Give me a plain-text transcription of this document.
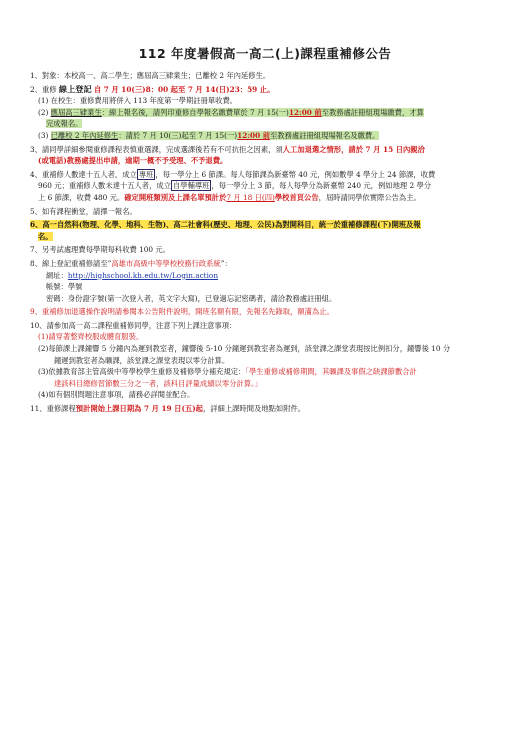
112 年度暑假高一高二(上)課程重補修公告
1、對象：本校高一、高二學生；應屆高三肄業生；已離校 2 年內延修生。
2、重修 線上登記 自 7 月 10(三)8：00 起至 7 月 14(日)23：59 止。
(1) 在校生：重修費用將併入 113 年度第一學期註冊單收費。
(2) 應屆高三肄業生：線上報名後，請列印重修自學報名繳費單於 7 月 15(一)12:00 前至教務處註冊組現場繳費，才算
完成報名。
(3) 已離校 2 年內延修生：請於 7 月 10(三)起至 7 月 15(一)12:00 前至教務處註冊組現場報名及繳費。
3、請同學詳細參閱重修課程表慎重選課，完成選課後若有不可抗拒之因素，須人工加退選之情形，請於 7 月 15 日內親洽
(或電話)教務處提出申請，逾期一概不予受理、不予退費。
4、重補修人數達十五人者，成立 專班 ，每一學分上 6 節課。每人每節課為新臺幣 40 元，例如數學 4 學分上 24 節課，收費
960 元；重補修人數未達十五人者，成立 自學輔導班 ，每一學分上 3 節，每人每學分為新臺幣 240 元，例如地理 2 學分
上 6 節課，收費 480 元。確定開班類別及上課名單預計於7 月 18 日(四)學校首頁公告，屆時請同學依實際公告為主。
5、如有課程衝堂，請擇一報名。
6、高一自然科(物理、化學、地科、生物)、高二社會科(歷史、地理、公民)為對開科目，統一於重補修課程(下)開班及報
名。
7、另考試處理費每學期每科收費 100 元。
8、線上登記重補修請至”高雄市高級中等學校校務行政系統”：
網址：http://highschool.kh.edu.tw/Login.action
帳號：學號
密碼：身份證字號(第一次登入者，英文字大寫)，已登過忘記密碼者，請洽教務處註冊組。
9、重補修加退選操作說明請參閱本公告附件說明，開班名額有限，先報名先錄取，額滿為止。
10、請參加高一高二課程重補修同學，注意下列上課注意事項：
(1)請穿著整齊校服或體育服裝。
(2)每節課上課鐘響 5 分鐘內為遲到教室者，鐘響後 5-10 分鐘遲到教室者為遲到，該堂課之課堂表現按比例扣分，鐘響後 10 分
鐘遲到教室者為曠課，該堂課之課堂表現以零分計算。
(3)依據教育部主管高級中等學校學生重修及補修學分補充規定：「學生重修或補修期間，其曠課及事假之缺課節數合計
達該科目總修習節數三分之一者，該科目評量成績以零分計算。」
(4)如有個別問題注意事項，請務必詳閱並配合。
11、重修課程預計開始上課日期為 7 月 19 日(五)起，詳細上課時間及地點如附件。
